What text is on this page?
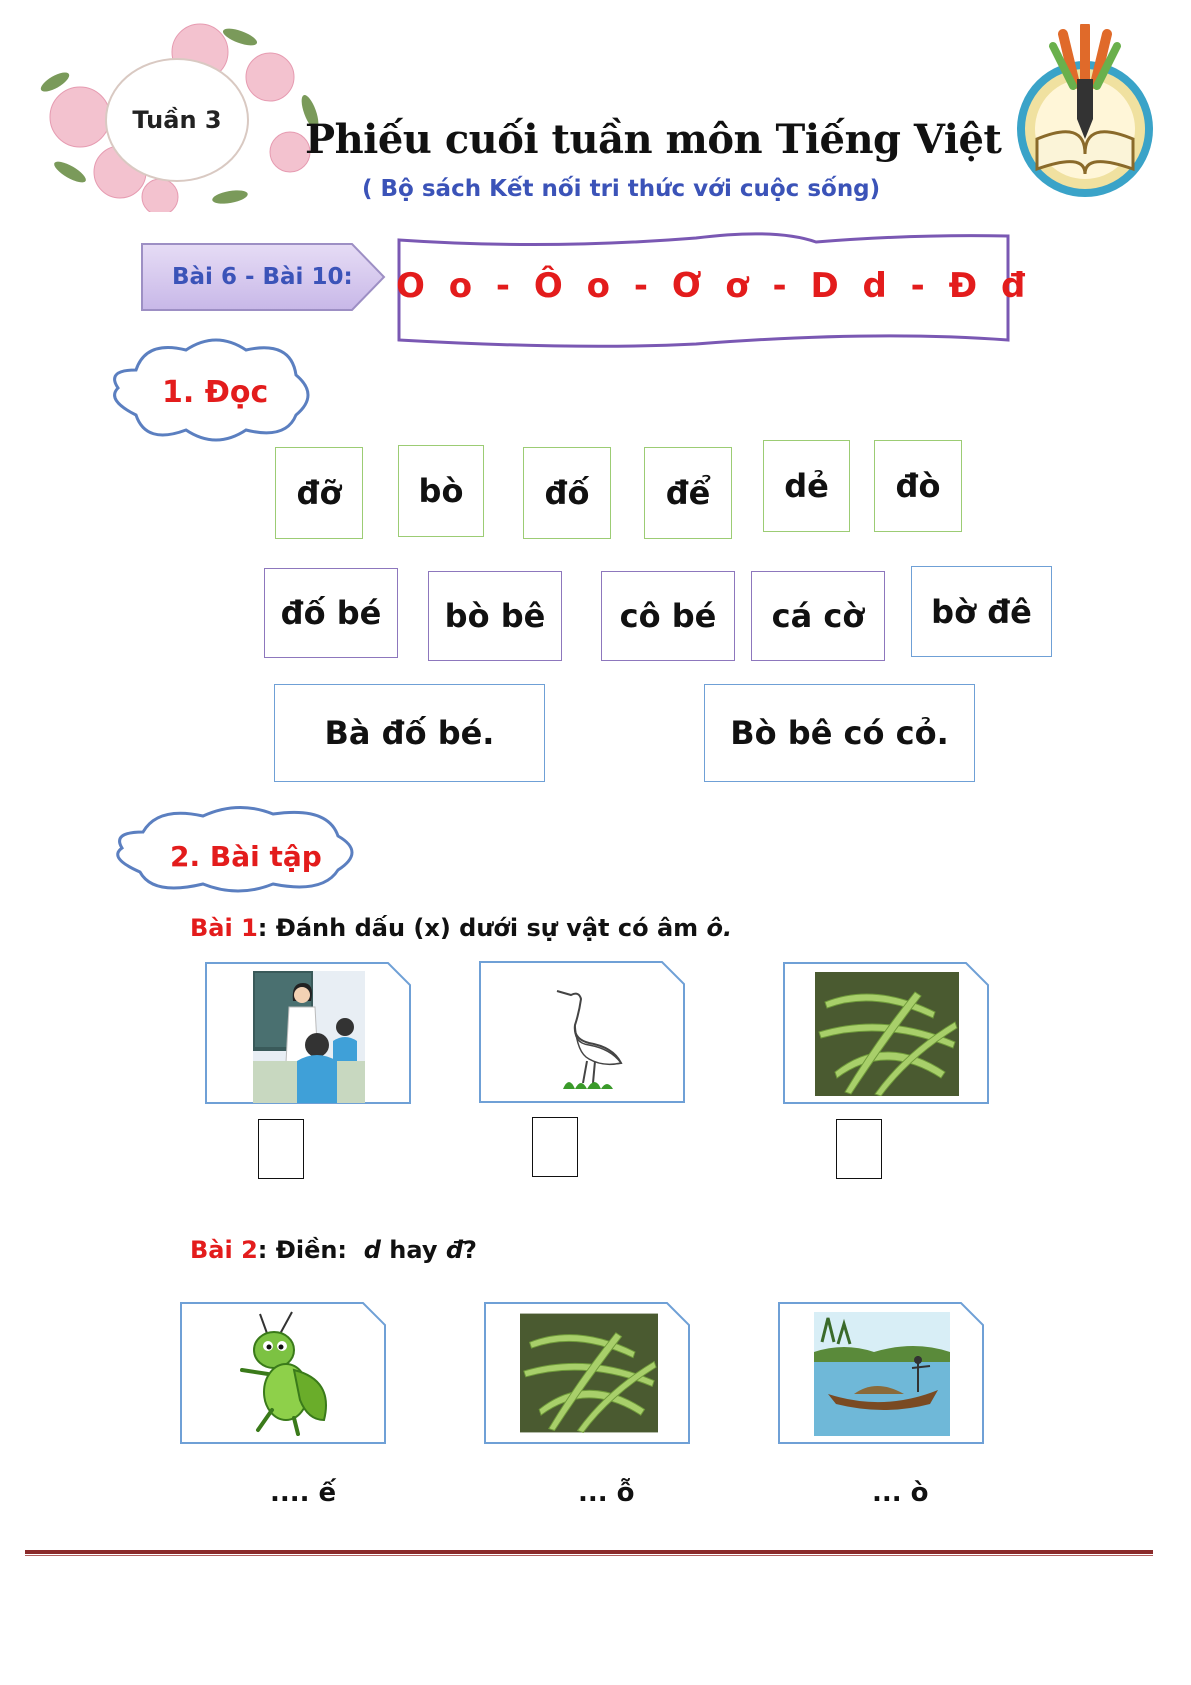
Tuần 3 Phiếu cuối tuần môn Tiếng Việt
( Bộ sách Kết nối tri thức với cuộc sống)
Bài 6 - Bài 10: O o - Ô o - Ơ ơ - D d - Đ đ
1. Đọc
đỡ	bò	đố	để	dẻ	đò
đố bé	bò bê	cô bé	cá cờ	bờ đê
Bà đố bé.	Bò bê có cỏ.
2. Bài tập
Bài 1: Đánh dấu (x) dưới sự vật có âm ô.
Bài 2: Điền: d hay đ?
.... ế	... ỗ	... ò
